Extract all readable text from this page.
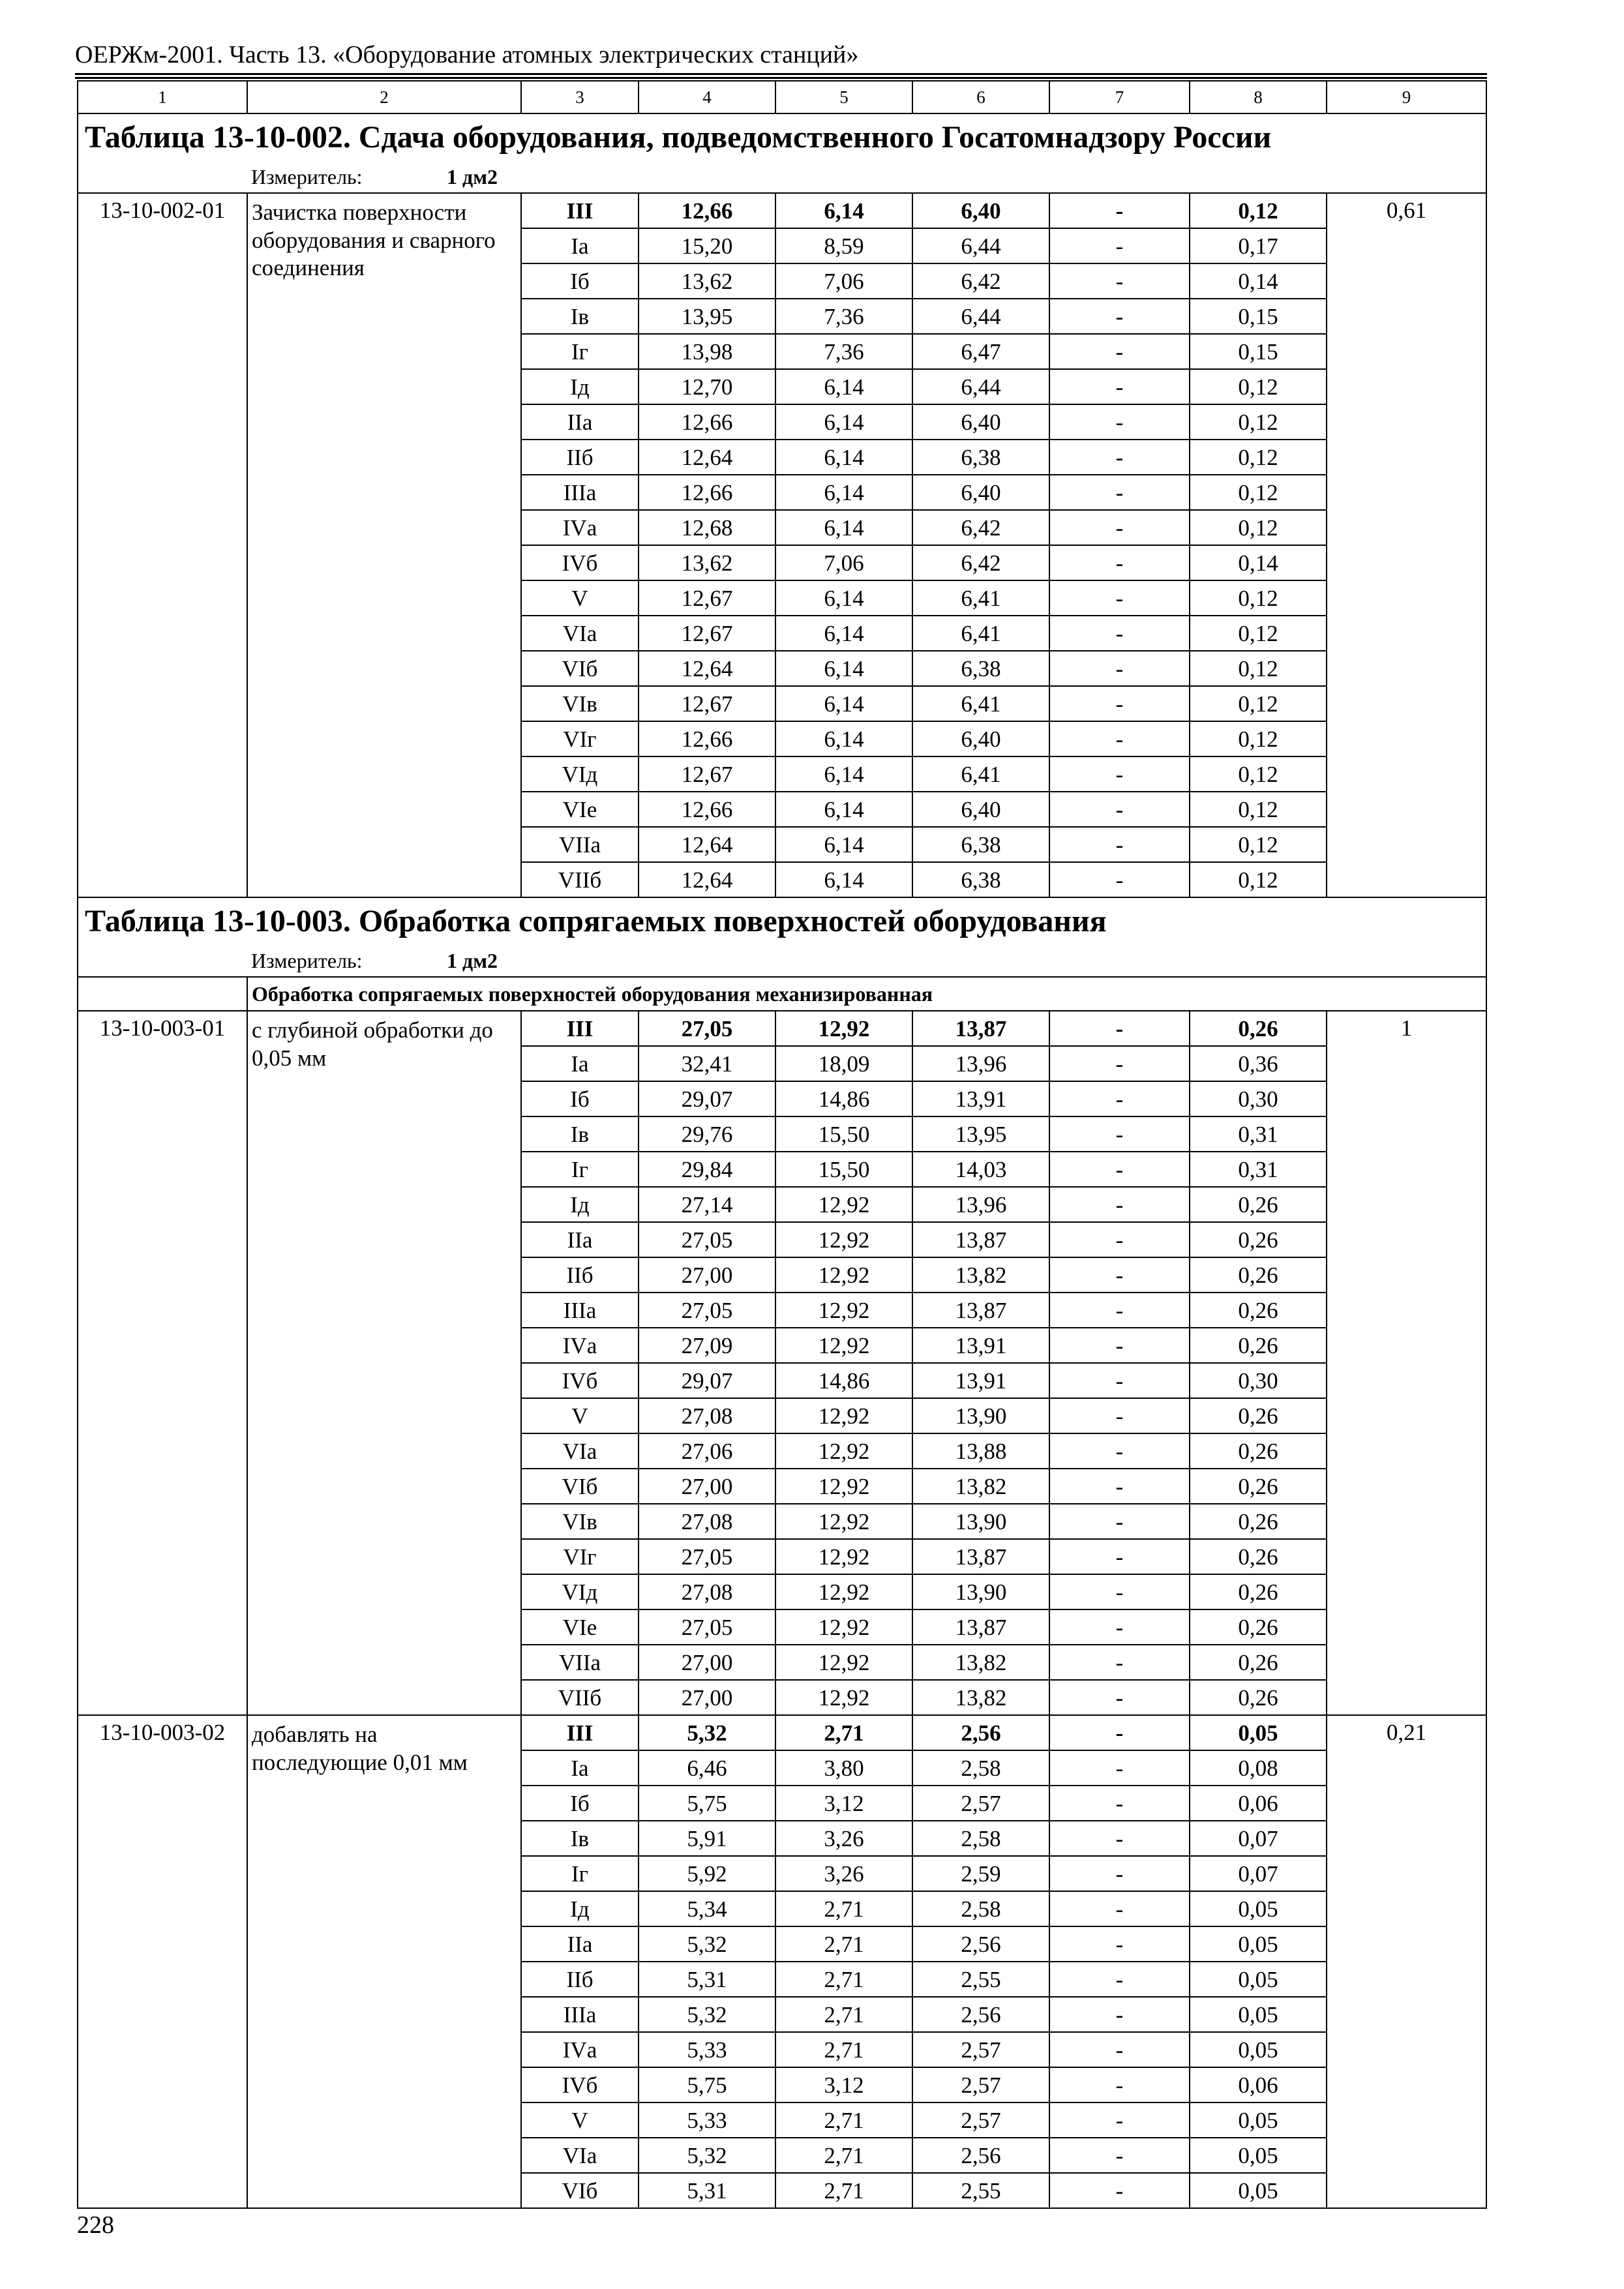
ОЕРЖм-2001. Часть 13. «Оборудование атомных электрических станций»
1	2	3	4	5	6	7	8	9
Таблица 13-10-002. Сдача оборудования, подведомственного Госатомнадзору России								
	Измеритель: 1 дм2							
13-10-002-01	Зачистка поверхности оборудования и сварного соединения	III	12,66	6,14	6,40	-	0,12	0,61
		Iа	15,20	8,59	6,44	-	0,17	
		Iб	13,62	7,06	6,42	-	0,14	
		Iв	13,95	7,36	6,44	-	0,15	
		Iг	13,98	7,36	6,47	-	0,15	
		Iд	12,70	6,14	6,44	-	0,12	
		IIа	12,66	6,14	6,40	-	0,12	
		IIб	12,64	6,14	6,38	-	0,12	
		IIIа	12,66	6,14	6,40	-	0,12	
		IVа	12,68	6,14	6,42	-	0,12	
		IVб	13,62	7,06	6,42	-	0,14	
		V	12,67	6,14	6,41	-	0,12	
		VIа	12,67	6,14	6,41	-	0,12	
		VIб	12,64	6,14	6,38	-	0,12	
		VIв	12,67	6,14	6,41	-	0,12	
		VIг	12,66	6,14	6,40	-	0,12	
		VIд	12,67	6,14	6,41	-	0,12	
		VIе	12,66	6,14	6,40	-	0,12	
		VIIа	12,64	6,14	6,38	-	0,12	
		VIIб	12,64	6,14	6,38	-	0,12	
Таблица 13-10-003. Обработка сопрягаемых поверхностей оборудования								
	Измеритель: 1 дм2							
	Обработка сопрягаемых поверхностей оборудования механизированная							
13-10-003-01	с глубиной обработки до 0,05 мм	III	27,05	12,92	13,87	-	0,26	1
		Iа	32,41	18,09	13,96	-	0,36	
		Iб	29,07	14,86	13,91	-	0,30	
		Iв	29,76	15,50	13,95	-	0,31	
		Iг	29,84	15,50	14,03	-	0,31	
		Iд	27,14	12,92	13,96	-	0,26	
		IIа	27,05	12,92	13,87	-	0,26	
		IIб	27,00	12,92	13,82	-	0,26	
		IIIа	27,05	12,92	13,87	-	0,26	
		IVа	27,09	12,92	13,91	-	0,26	
		IVб	29,07	14,86	13,91	-	0,30	
		V	27,08	12,92	13,90	-	0,26	
		VIа	27,06	12,92	13,88	-	0,26	
		VIб	27,00	12,92	13,82	-	0,26	
		VIв	27,08	12,92	13,90	-	0,26	
		VIг	27,05	12,92	13,87	-	0,26	
		VIд	27,08	12,92	13,90	-	0,26	
		VIе	27,05	12,92	13,87	-	0,26	
		VIIа	27,00	12,92	13,82	-	0,26	
		VIIб	27,00	12,92	13,82	-	0,26	
13-10-003-02	добавлять на последующие 0,01 мм	III	5,32	2,71	2,56	-	0,05	0,21
		Iа	6,46	3,80	2,58	-	0,08	
		Iб	5,75	3,12	2,57	-	0,06	
		Iв	5,91	3,26	2,58	-	0,07	
		Iг	5,92	3,26	2,59	-	0,07	
		Iд	5,34	2,71	2,58	-	0,05	
		IIа	5,32	2,71	2,56	-	0,05	
		IIб	5,31	2,71	2,55	-	0,05	
		IIIа	5,32	2,71	2,56	-	0,05	
		IVа	5,33	2,71	2,57	-	0,05	
		IVб	5,75	3,12	2,57	-	0,06	
		V	5,33	2,71	2,57	-	0,05	
		VIа	5,32	2,71	2,56	-	0,05	
		VIб	5,31	2,71	2,55	-	0,05	
228
